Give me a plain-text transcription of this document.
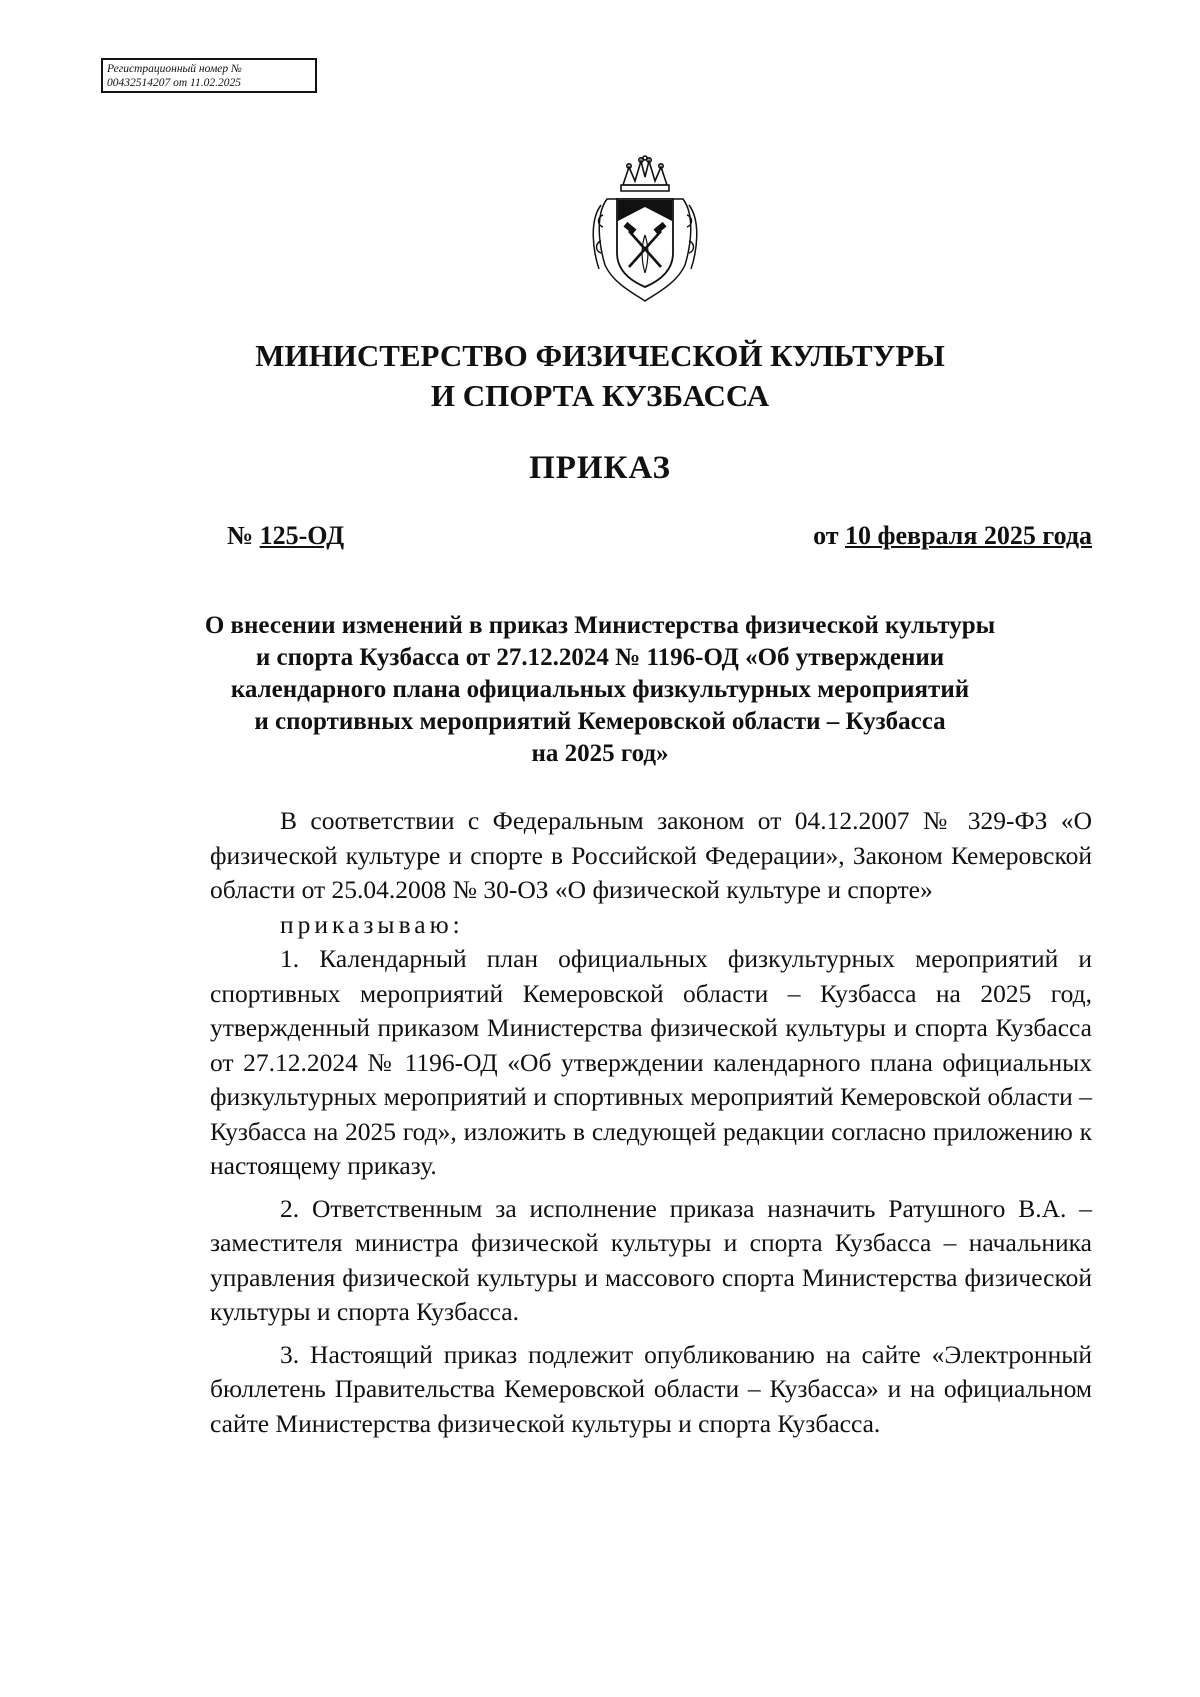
Регистрационный номер №
00432514207 от 11.02.2025
МИНИСТЕРСТВО ФИЗИЧЕСКОЙ КУЛЬТУРЫ
И СПОРТА КУЗБАССА
ПРИКАЗ
№ 125-ОД	от 10 февраля 2025 года
О внесении изменений в приказ Министерства физической культуры
и спорта Кузбасса от 27.12.2024 № 1196-ОД «Об утверждении
календарного плана официальных физкультурных мероприятий
и спортивных мероприятий Кемеровской области – Кузбасса
на 2025 год»

В соответствии с Федеральным законом от 04.12.2007 № 329-ФЗ «О физической культуре и спорте в Российской Федерации», Законом Кемеровской области от 25.04.2008 № 30-ОЗ «О физической культуре и спорте»

приказываю:

1. Календарный план официальных физкультурных мероприятий и спортивных мероприятий Кемеровской области – Кузбасса на 2025 год, утвержденный приказом Министерства физической культуры и спорта Кузбасса от 27.12.2024 № 1196-ОД «Об утверждении календарного плана официальных физкультурных мероприятий и спортивных мероприятий Кемеровской области – Кузбасса на 2025 год», изложить в следующей редакции согласно приложению к настоящему приказу.

2. Ответственным за исполнение приказа назначить Ратушного В.А. – заместителя министра физической культуры и спорта Кузбасса – начальника управления физической культуры и массового спорта Министерства физической культуры и спорта Кузбасса.

3. Настоящий приказ подлежит опубликованию на сайте «Электронный бюллетень Правительства Кемеровской области – Кузбасса» и на официальном сайте Министерства физической культуры и спорта Кузбасса.
